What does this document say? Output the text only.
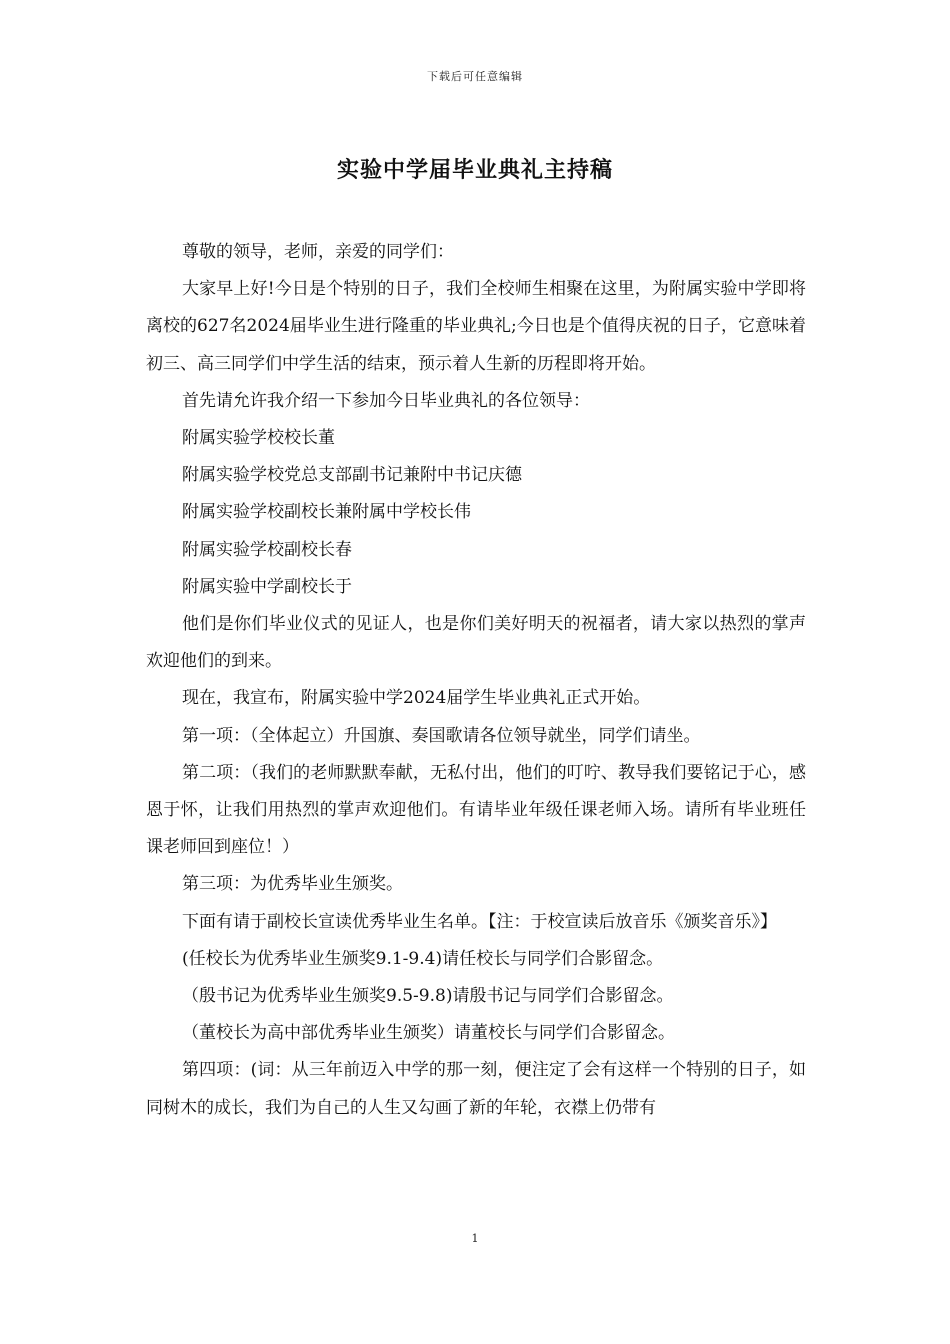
下载后可任意编辑
实验中学届毕业典礼主持稿

尊敬的领导，老师，亲爱的同学们：

大家早上好!今日是个特别的日子，我们全校师生相聚在这里，为附属实验中学即将离校的627名2024届毕业生进行隆重的毕业典礼;今日也是个值得庆祝的日子，它意味着初三、高三同学们中学生活的结束，预示着人生新的历程即将开始。

首先请允许我介绍一下参加今日毕业典礼的各位领导：

附属实验学校校长董

附属实验学校党总支部副书记兼附中书记庆德

附属实验学校副校长兼附属中学校长伟

附属实验学校副校长春

附属实验中学副校长于

他们是你们毕业仪式的见证人，也是你们美好明天的祝福者，请大家以热烈的掌声欢迎他们的到来。

现在，我宣布，附属实验中学2024届学生毕业典礼正式开始。

第一项：（全体起立）升国旗、奏国歌请各位领导就坐，同学们请坐。

第二项：（我们的老师默默奉献，无私付出，他们的叮咛、教导我们要铭记于心，感恩于怀，让我们用热烈的掌声欢迎他们。有请毕业年级任课老师入场。请所有毕业班任课老师回到座位！）

第三项：为优秀毕业生颁奖。

下面有请于副校长宣读优秀毕业生名单。【注：于校宣读后放音乐《颁奖音乐》】

(任校长为优秀毕业生颁奖9.1-9.4)请任校长与同学们合影留念。

（殷书记为优秀毕业生颁奖9.5-9.8)请殷书记与同学们合影留念。

（董校长为高中部优秀毕业生颁奖）请董校长与同学们合影留念。

第四项：(词：从三年前迈入中学的那一刻，便注定了会有这样一个特别的日子，如同树木的成长，我们为自己的人生又勾画了新的年轮，衣襟上仍带有

1
